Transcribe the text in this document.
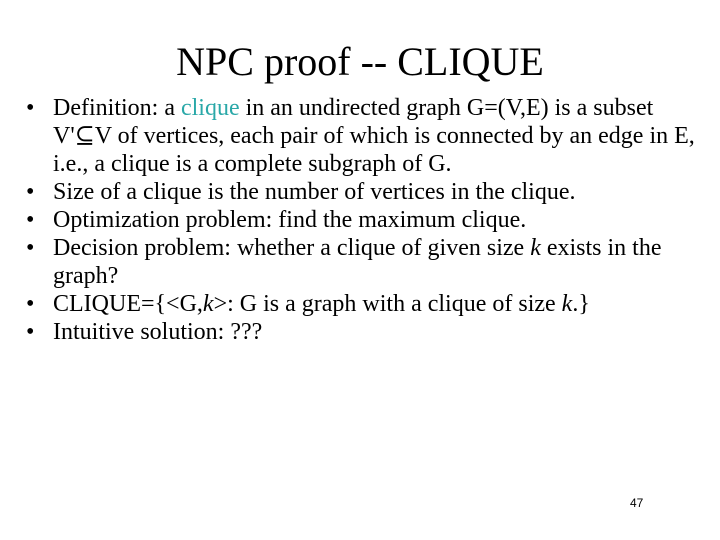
NPC proof -- CLIQUE
• Definition: a clique in an undirected graph G=(V,E) is a subset V'⊆V of vertices, each pair of which is connected by an edge in E, i.e., a clique is a complete subgraph of G.
• Size of a clique is the number of vertices in the clique.
• Optimization problem: find the maximum clique.
• Decision problem: whether a clique of given size k exists in the graph?
• CLIQUE={<G,k>: G is a graph with a clique of size k.}
• Intuitive solution: ???
47
